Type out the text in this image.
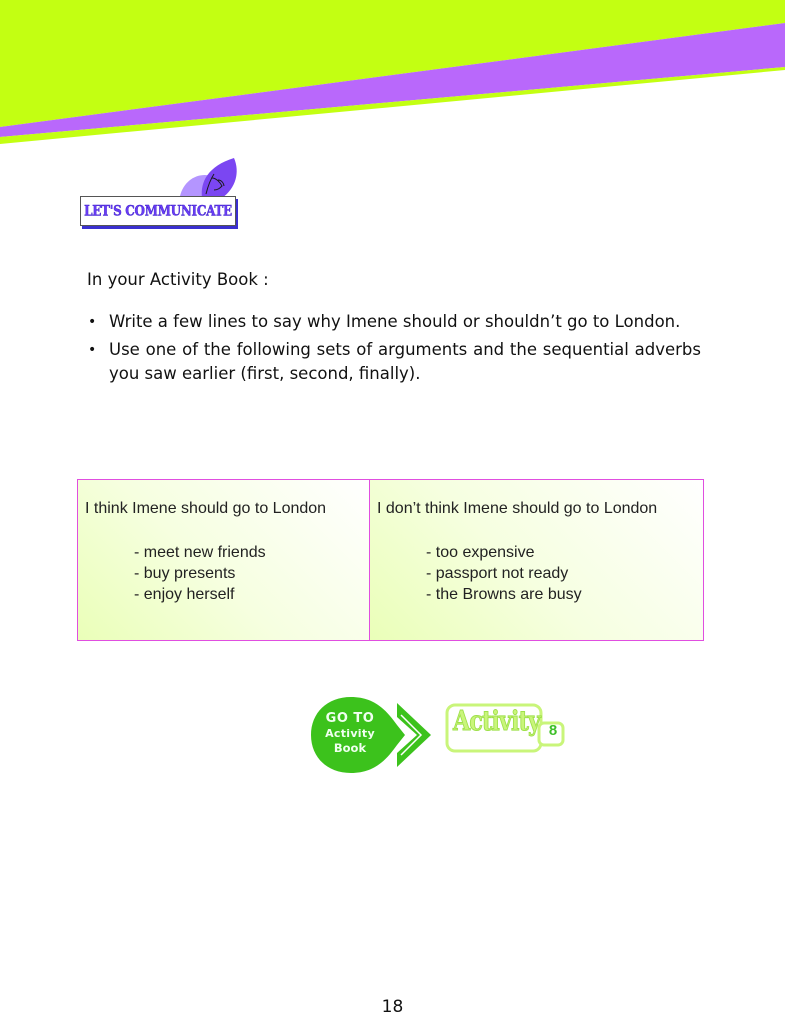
LET'S COMMUNICATE

In your Activity Book :

• Write a few lines to say why Imene should or shouldn’t go to London.
• Use one of the following sets of arguments and the sequential adverbs you saw earlier (first, second, finally).
I think Imene should go to London
- meet new friends
- buy presents
- enjoy herself
I don’t think Imene should go to London
- too expensive
- passport not ready
- the Browns are busy
GO TO
Activity
Book
Activity 8
18
